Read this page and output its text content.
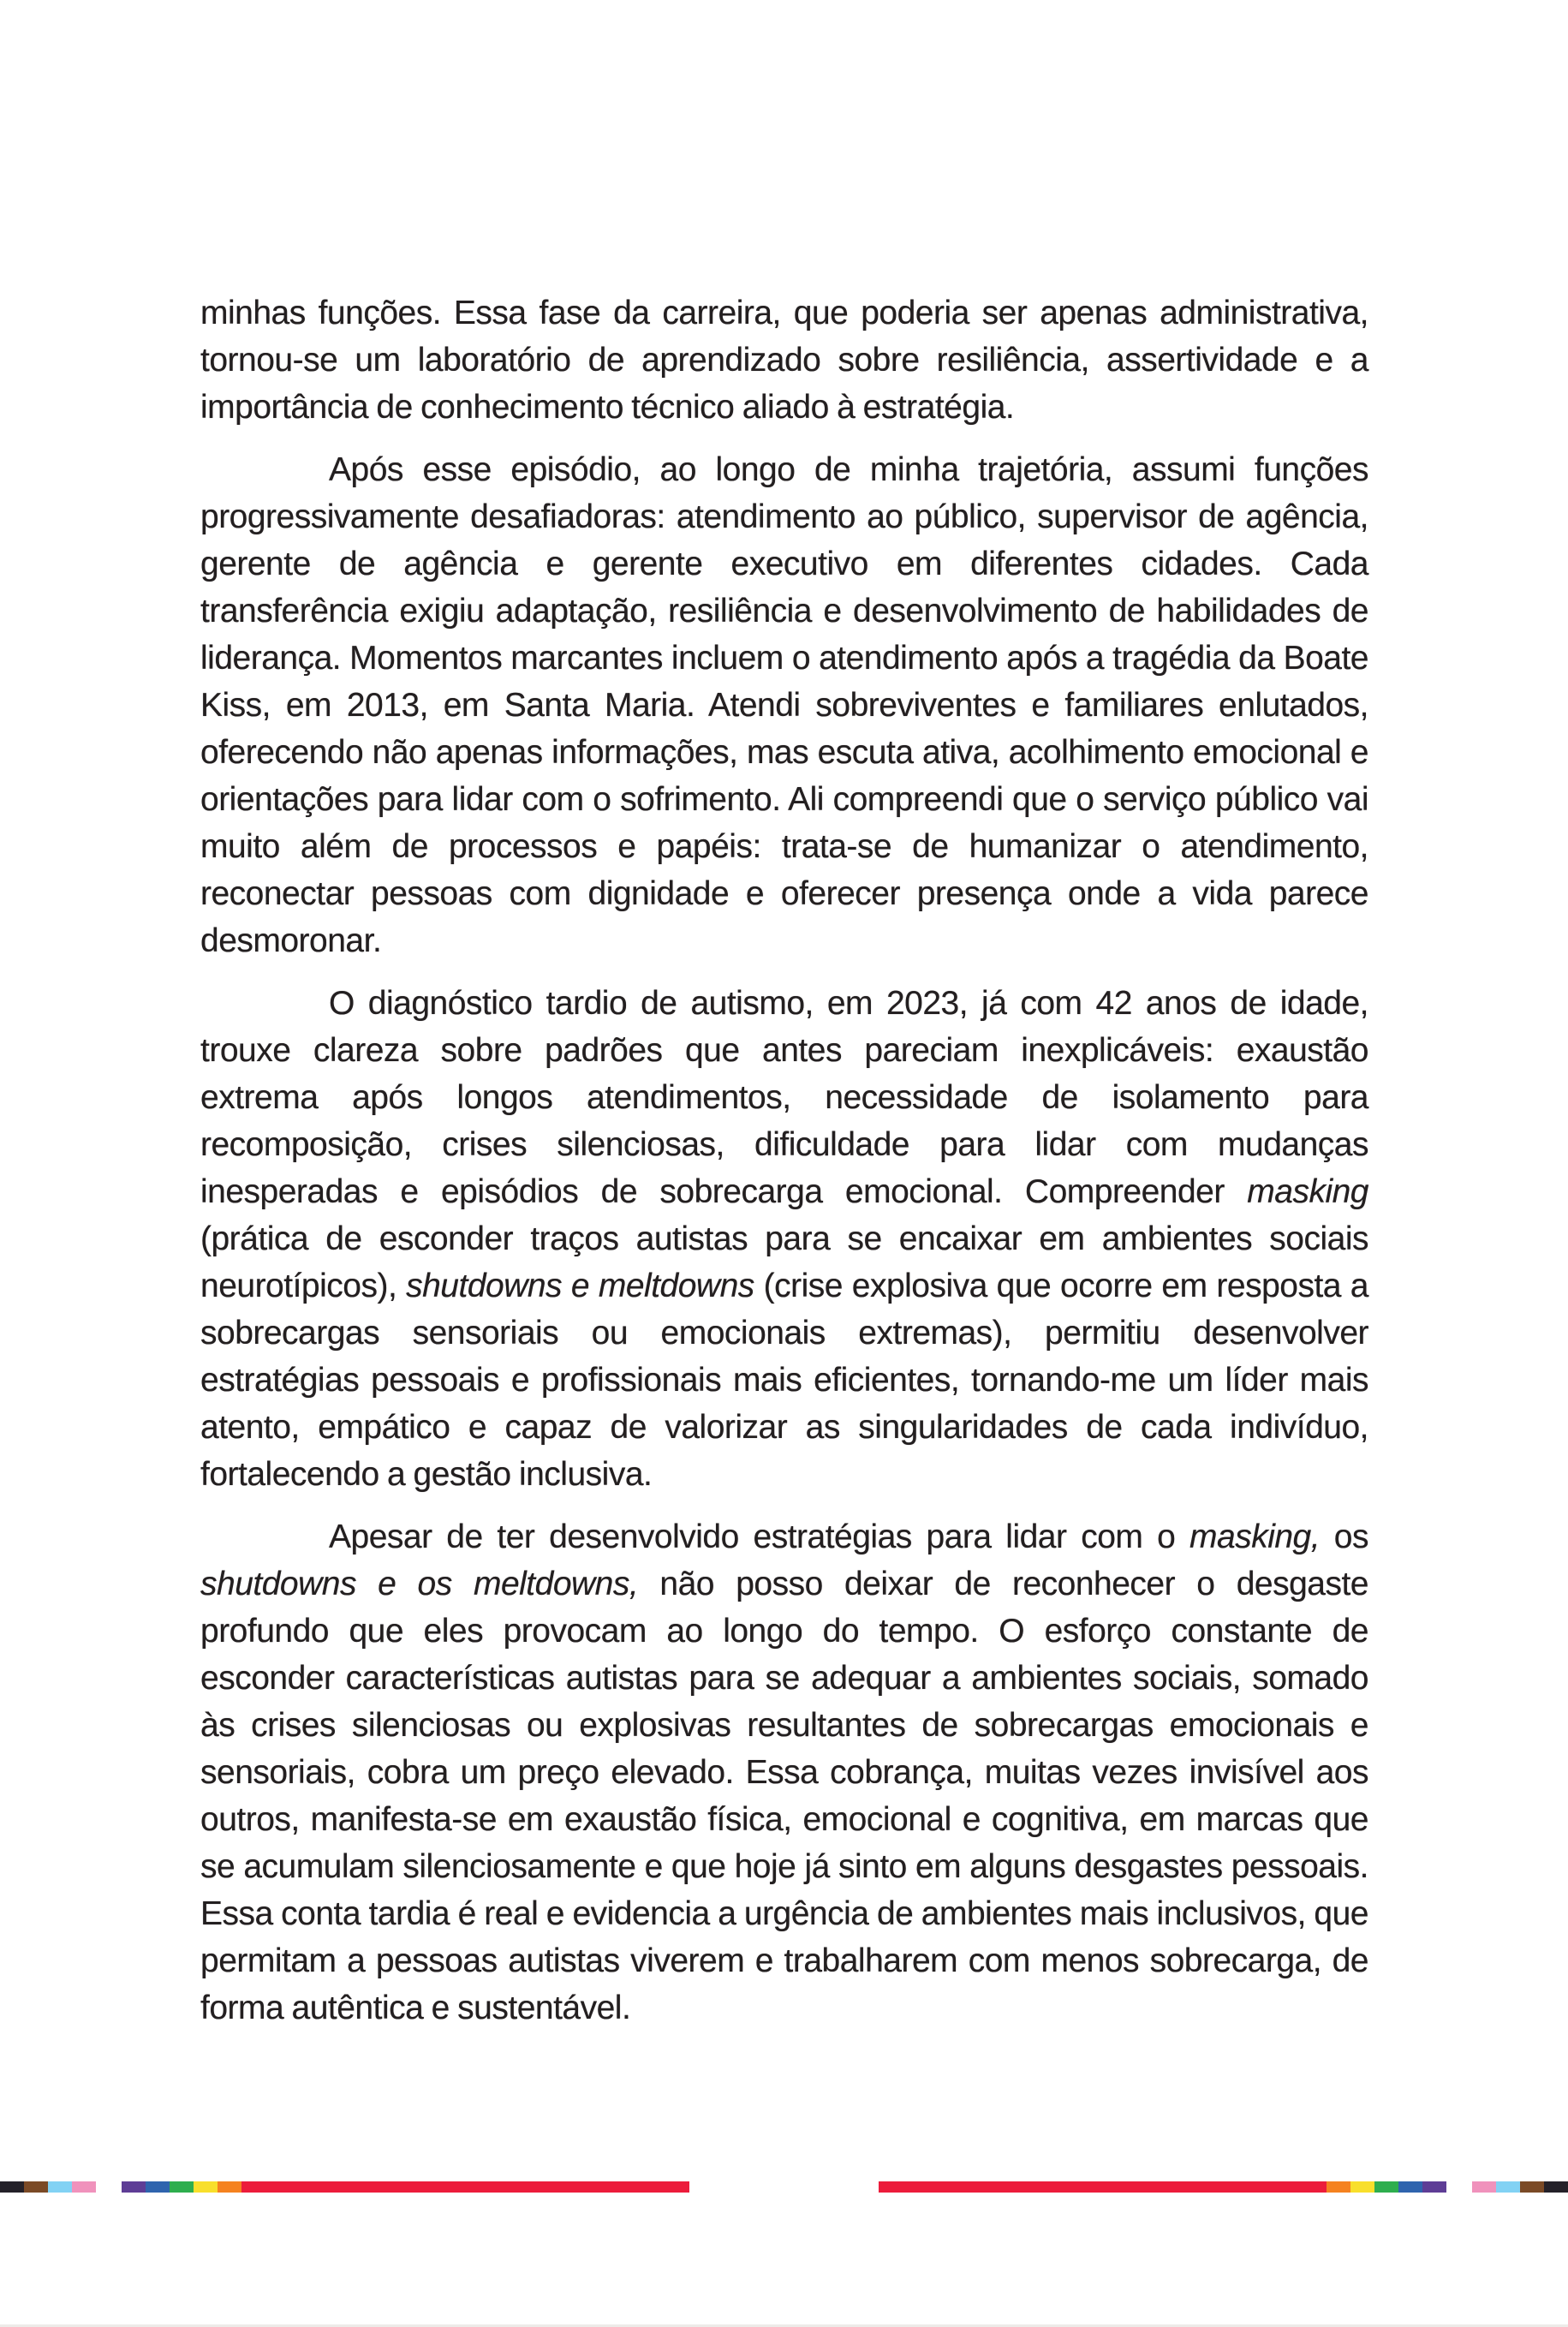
minhas funções. Essa fase da carreira, que poderia ser apenas administrativa, tornou-se um laboratório de aprendizado sobre resiliência, assertividade e a importância de conhecimento técnico aliado à estratégia.

Após esse episódio, ao longo de minha trajetória, assumi funções progressivamente desafiadoras: atendimento ao público, supervisor de agência, gerente de agência e gerente executivo em diferentes cidades. Cada transferência exigiu adaptação, resiliência e desenvolvimento de habilidades de liderança. Momentos marcantes incluem o atendimento após a tragédia da Boate Kiss, em 2013, em Santa Maria. Atendi sobreviventes e familiares enlutados, oferecendo não apenas informações, mas escuta ativa, acolhimento emocional e orientações para lidar com o sofrimento. Ali compreendi que o serviço público vai muito além de processos e papéis: trata-se de humanizar o atendimento, reconectar pessoas com dignidade e oferecer presença onde a vida parece desmoronar.

O diagnóstico tardio de autismo, em 2023, já com 42 anos de idade, trouxe clareza sobre padrões que antes pareciam inexplicáveis: exaustão extrema após longos atendimentos, necessidade de isolamento para recomposição, crises silenciosas, dificuldade para lidar com mudanças inesperadas e episódios de sobrecarga emocional. Compreender masking (prática de esconder traços autistas para se encaixar em ambientes sociais neurotípicos), shutdowns e meltdowns (crise explosiva que ocorre em resposta a sobrecargas sensoriais ou emocionais extremas), permitiu desenvolver estratégias pessoais e profissionais mais eficientes, tornando-me um líder mais atento, empático e capaz de valorizar as singularidades de cada indivíduo, fortalecendo a gestão inclusiva.

Apesar de ter desenvolvido estratégias para lidar com o masking, os shutdowns e os meltdowns, não posso deixar de reconhecer o desgaste profundo que eles provocam ao longo do tempo. O esforço constante de esconder características autistas para se adequar a ambientes sociais, somado às crises silenciosas ou explosivas resultantes de sobrecargas emocionais e sensoriais, cobra um preço elevado. Essa cobrança, muitas vezes invisível aos outros, manifesta-se em exaustão física, emocional e cognitiva, em marcas que se acumulam silenciosamente e que hoje já sinto em alguns desgastes pessoais. Essa conta tardia é real e evidencia a urgência de ambientes mais inclusivos, que permitam a pessoas autistas viverem e trabalharem com menos sobrecarga, de forma autêntica e sustentável.
